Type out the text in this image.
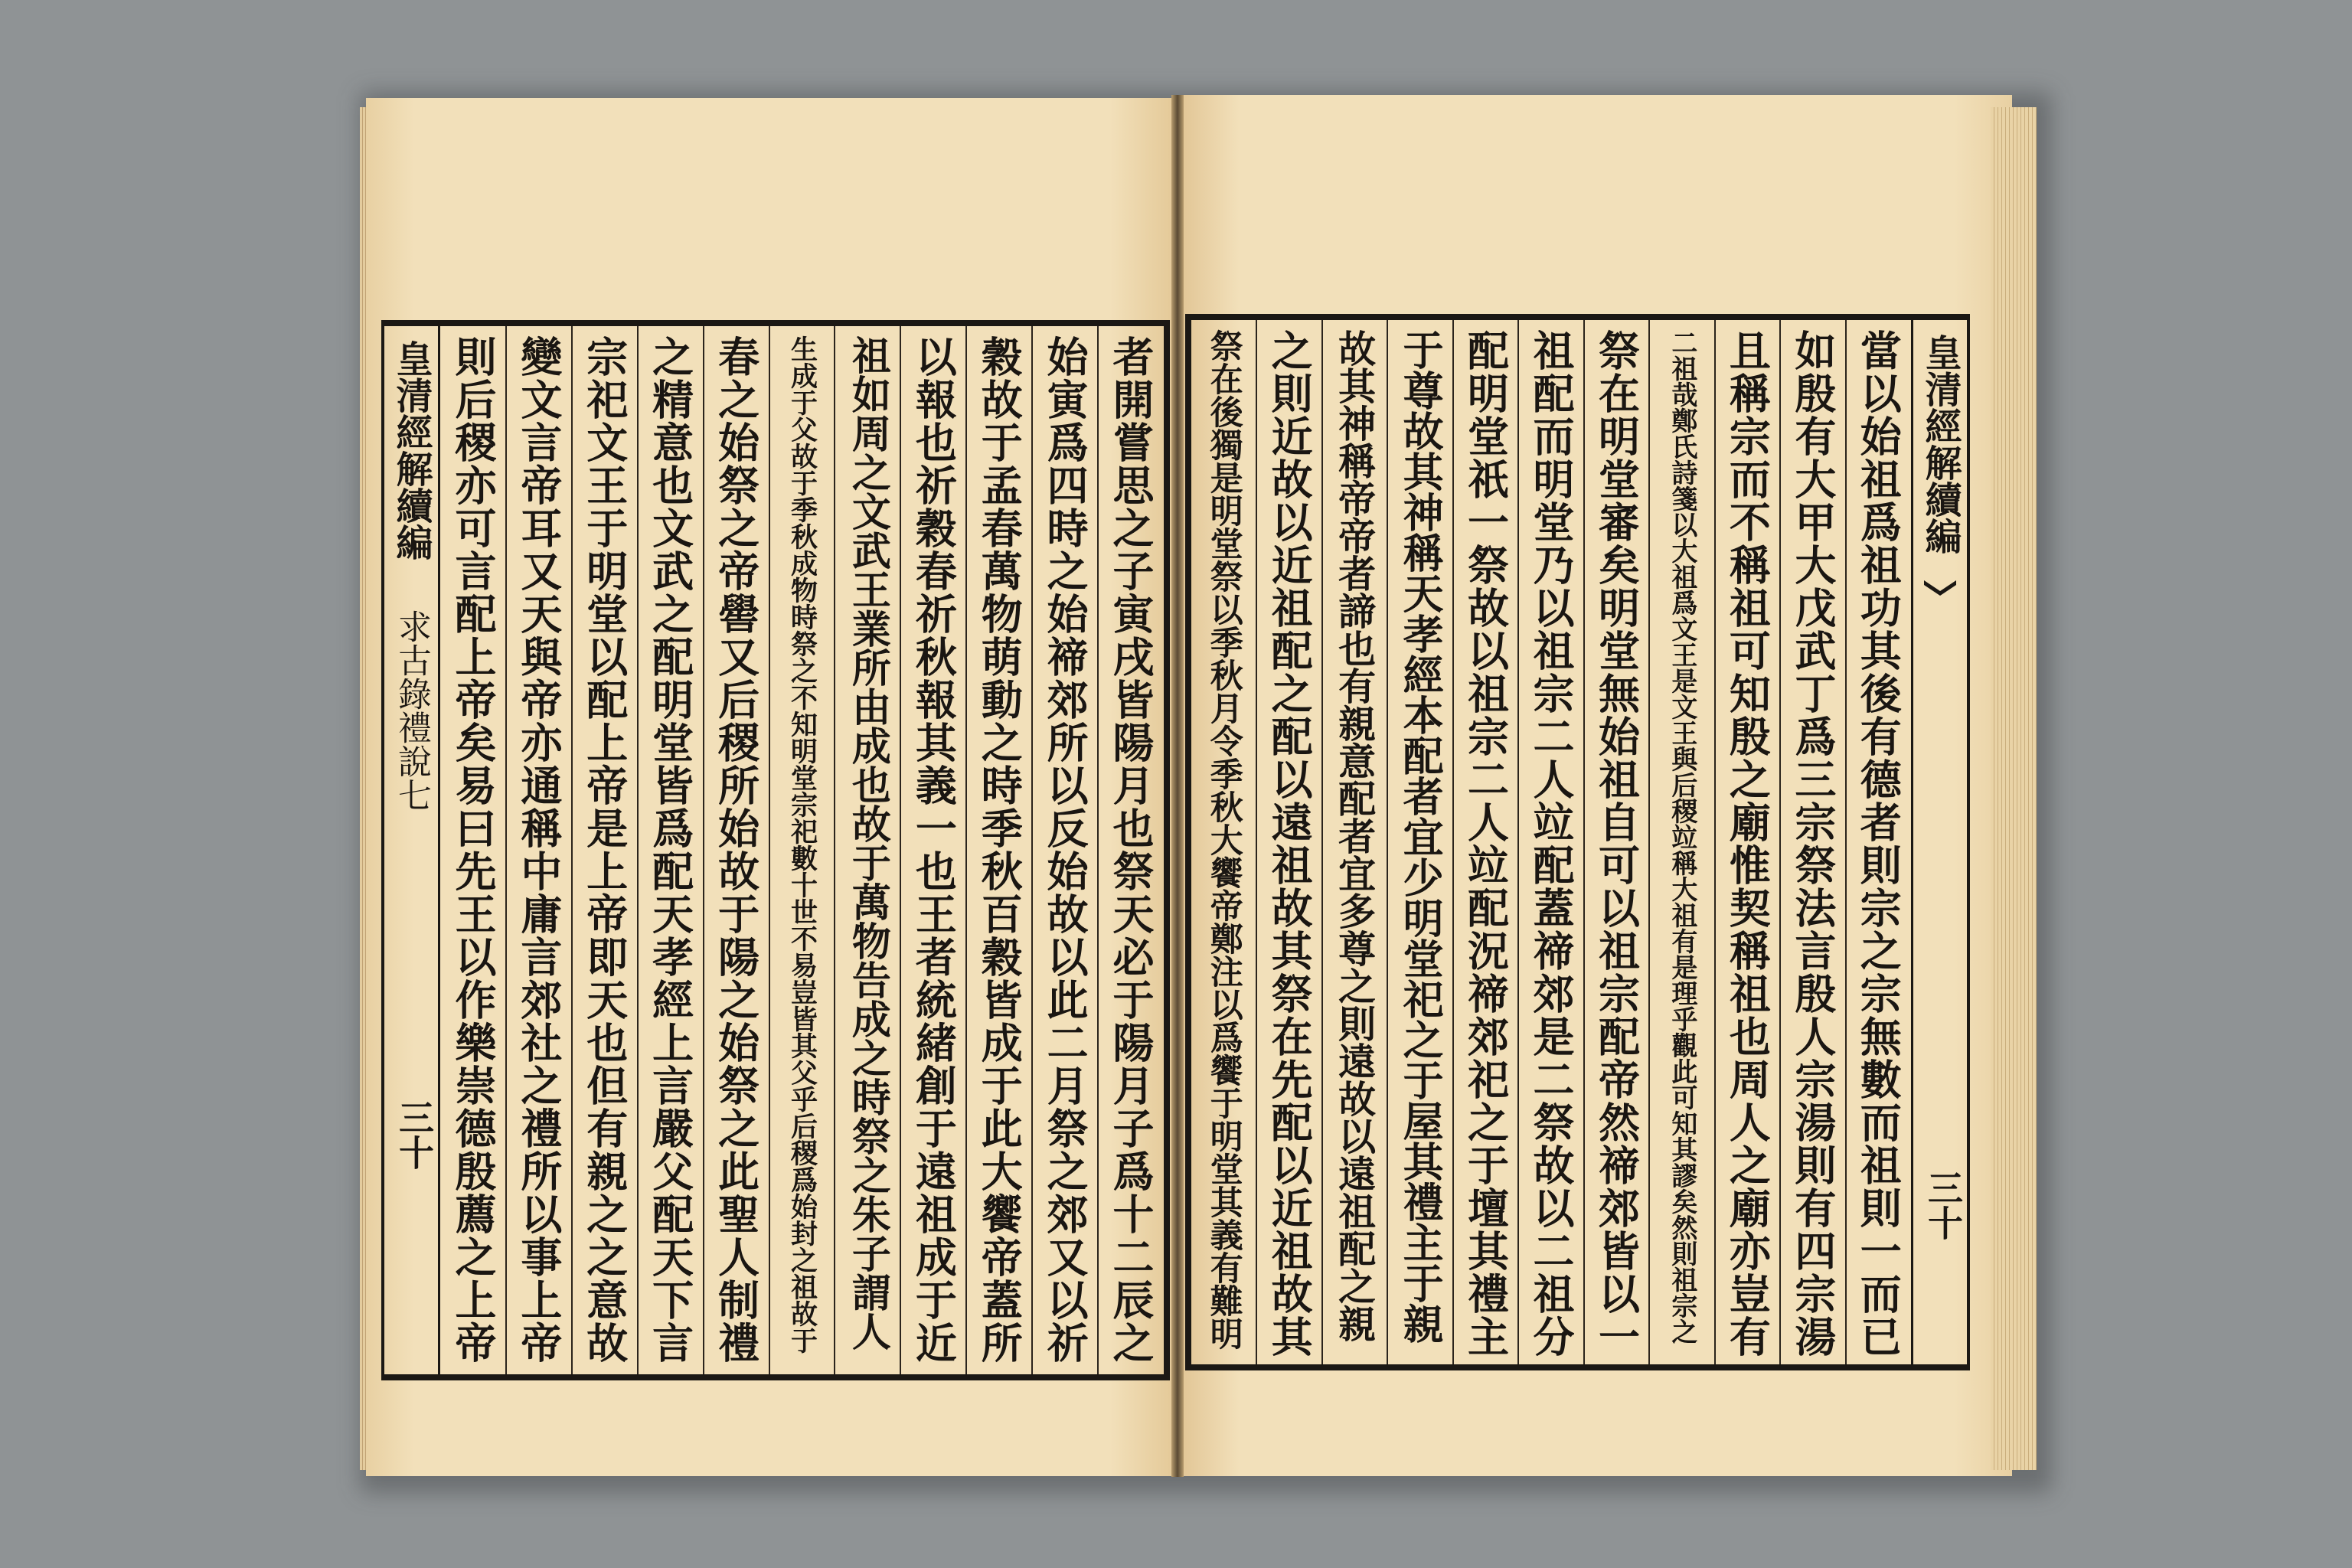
皇清經解續編
求古錄禮說七
三十	者開嘗思之子寅戌皆陽月也祭天必于陽月子爲十二辰之
始寅爲四時之始禘郊所以反始故以此二月祭之郊又以祈
穀故于孟春萬物萌動之時季秋百穀皆成于此大饗帝蓋所
以報也祈穀春祈秋報其義一也王者統緒創于遠祖成于近
祖如周之文武王業所由成也故于萬物告成之時祭之朱子謂人
生成于父故于季秋成物時祭之不知明堂宗祀數十世不易豈皆其父乎后稷爲始封之祖故于
春之始祭之帝嚳又后稷所始故于陽之始祭之此聖人制禮
之精意也文武之配明堂皆爲配天孝經上言嚴父配天下言
宗祀文王于明堂以配上帝是上帝即天也但有親之之意故
變文言帝耳又天與帝亦通稱中庸言郊社之禮所以事上帝
則后稷亦可言配上帝矣易曰先王以作樂崇德殷薦之上帝	皇清經解續編
三十
當以始祖爲祖功其後有德者則宗之宗無數而祖則一而已
如殷有大甲大戊武丁爲三宗祭法言殷人宗湯則有四宗湯
且稱宗而不稱祖可知殷之廟惟契稱祖也周人之廟亦豈有
二祖哉鄭氏詩箋以大祖爲文王是文王與后稷竝稱大祖有是理乎觀此可知其謬矣然則祖宗之
祭在明堂審矣明堂無始祖自可以祖宗配帝然禘郊皆以一
祖配而明堂乃以祖宗二人竝配蓋禘郊是二祭故以二祖分
配明堂祇一祭故以祖宗二人竝配況禘郊祀之于壇其禮主
于尊故其神稱天孝經本配者宜少明堂祀之于屋其禮主于親
故其神稱帝帝者諦也有親意配者宜多尊之則遠故以遠祖配之親
之則近故以近祖配之配以遠祖故其祭在先配以近祖故其
祭在後獨是明堂祭以季秋月令季秋大饗帝鄭注以爲饗于明堂其義有難明
